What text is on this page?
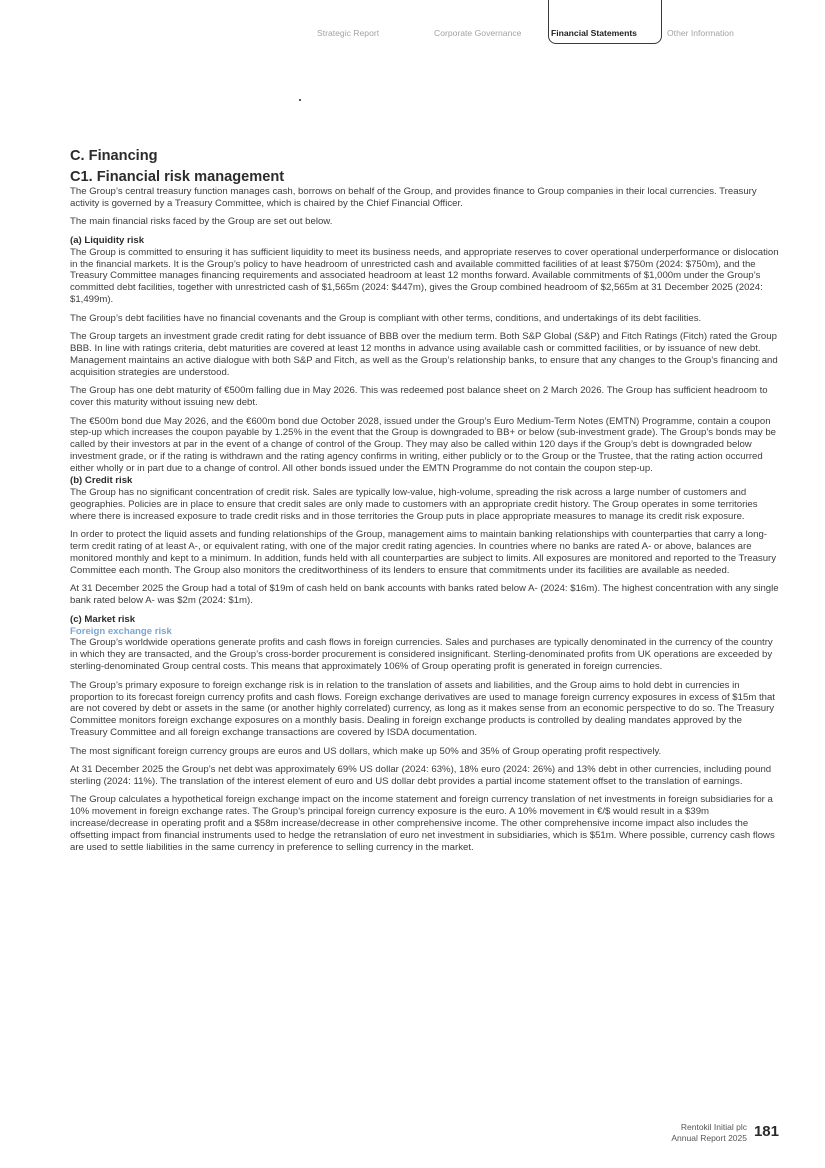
Strategic Report	Corporate Governance	Financial Statements	Other Information
C. Financing
C1. Financial risk management

The Group’s central treasury function manages cash, borrows on behalf of the Group, and provides finance to Group companies in their local currencies. Treasury activity is governed by a Treasury Committee, which is chaired by the Chief Financial Officer.

The main financial risks faced by the Group are set out below.

(a) Liquidity risk

The Group is committed to ensuring it has sufficient liquidity to meet its business needs, and appropriate reserves to cover operational underperformance or dislocation in the financial markets. It is the Group’s policy to have headroom of unrestricted cash and available committed facilities of at least $750m (2024: $750m), and the Treasury Committee manages financing requirements and associated headroom at least 12 months forward. Available commitments of $1,000m under the Group’s committed debt facilities, together with unrestricted cash of $1,565m (2024: $447m), gives the Group combined headroom of $2,565m at 31 December 2025 (2024: $1,499m).

The Group’s debt facilities have no financial covenants and the Group is compliant with other terms, conditions, and undertakings of its debt facilities.

The Group targets an investment grade credit rating for debt issuance of BBB over the medium term. Both S&P Global (S&P) and Fitch Ratings (Fitch) rated the Group BBB. In line with ratings criteria, debt maturities are covered at least 12 months in advance using available cash or committed facilities, or by issuance of new debt. Management maintains an active dialogue with both S&P and Fitch, as well as the Group’s relationship banks, to ensure that any changes to the Group’s financing and acquisition strategies are understood.

The Group has one debt maturity of €500m falling due in May 2026. This was redeemed post balance sheet on 2 March 2026. The Group has sufficient headroom to cover this maturity without issuing new debt.

The €500m bond due May 2026, and the €600m bond due October 2028, issued under the Group’s Euro Medium-Term Notes (EMTN) Programme, contain a coupon step-up which increases the coupon payable by 1.25% in the event that the Group is downgraded to BB+ or below (sub-investment grade). The Group’s bonds may be called by their investors at par in the event of a change of control of the Group. They may also be called within 120 days if the Group’s debt is downgraded below investment grade, or if the rating is withdrawn and the rating agency confirms in writing, either publicly or to the Group or the Trustee, that the rating action occurred either wholly or in part due to a change of control. All other bonds issued under the EMTN Programme do not contain the coupon step-up.

(b) Credit risk

The Group has no significant concentration of credit risk. Sales are typically low-value, high-volume, spreading the risk across a large number of customers and geographies. Policies are in place to ensure that credit sales are only made to customers with an appropriate credit history. The Group operates in some territories where there is increased exposure to trade credit risks and in those territories the Group puts in place appropriate measures to manage its credit risk exposure.

In order to protect the liquid assets and funding relationships of the Group, management aims to maintain banking relationships with counterparties that carry a long-term credit rating of at least A-, or equivalent rating, with one of the major credit rating agencies. In countries where no banks are rated A- or above, balances are monitored monthly and kept to a minimum. In addition, funds held with all counterparties are subject to limits. All exposures are monitored and reported to the Treasury Committee each month. The Group also monitors the creditworthiness of its lenders to ensure that commitments under its facilities are available as needed.

At 31 December 2025 the Group had a total of $19m of cash held on bank accounts with banks rated below A- (2024: $16m). The highest concentration with any single bank rated below A- was $2m (2024: $1m).

(c) Market risk
Foreign exchange risk

The Group’s worldwide operations generate profits and cash flows in foreign currencies. Sales and purchases are typically denominated in the currency of the country in which they are transacted, and the Group’s cross-border procurement is considered insignificant. Sterling-denominated profits from UK operations are exceeded by sterling-denominated Group central costs. This means that approximately 106% of Group operating profit is generated in foreign currencies.

The Group’s primary exposure to foreign exchange risk is in relation to the translation of assets and liabilities, and the Group aims to hold debt in currencies in proportion to its forecast foreign currency profits and cash flows. Foreign exchange derivatives are used to manage foreign currency exposures in excess of $15m that are not covered by debt or assets in the same (or another highly correlated) currency, as long as it makes sense from an economic perspective to do so. The Treasury Committee monitors foreign exchange exposures on a monthly basis. Dealing in foreign exchange products is controlled by dealing mandates approved by the Treasury Committee and all foreign exchange transactions are covered by ISDA documentation.

The most significant foreign currency groups are euros and US dollars, which make up 50% and 35% of Group operating profit respectively.

At 31 December 2025 the Group’s net debt was approximately 69% US dollar (2024: 63%), 18% euro (2024: 26%) and 13% debt in other currencies, including pound sterling (2024: 11%). The translation of the interest element of euro and US dollar debt provides a partial income statement offset to the translation of earnings.

The Group calculates a hypothetical foreign exchange impact on the income statement and foreign currency translation of net investments in foreign subsidiaries for a 10% movement in foreign exchange rates. The Group’s principal foreign currency exposure is the euro. A 10% movement in €/$ would result in a $39m increase/decrease in operating profit and a $58m increase/decrease in other comprehensive income. The other comprehensive income impact also includes the offsetting impact from financial instruments used to hedge the retranslation of euro net investment in subsidiaries, which is $51m. Where possible, currency cash flows are used to settle liabilities in the same currency in preference to selling currency in the market.

Rentokil Initial plc
Annual Report 2025 181
